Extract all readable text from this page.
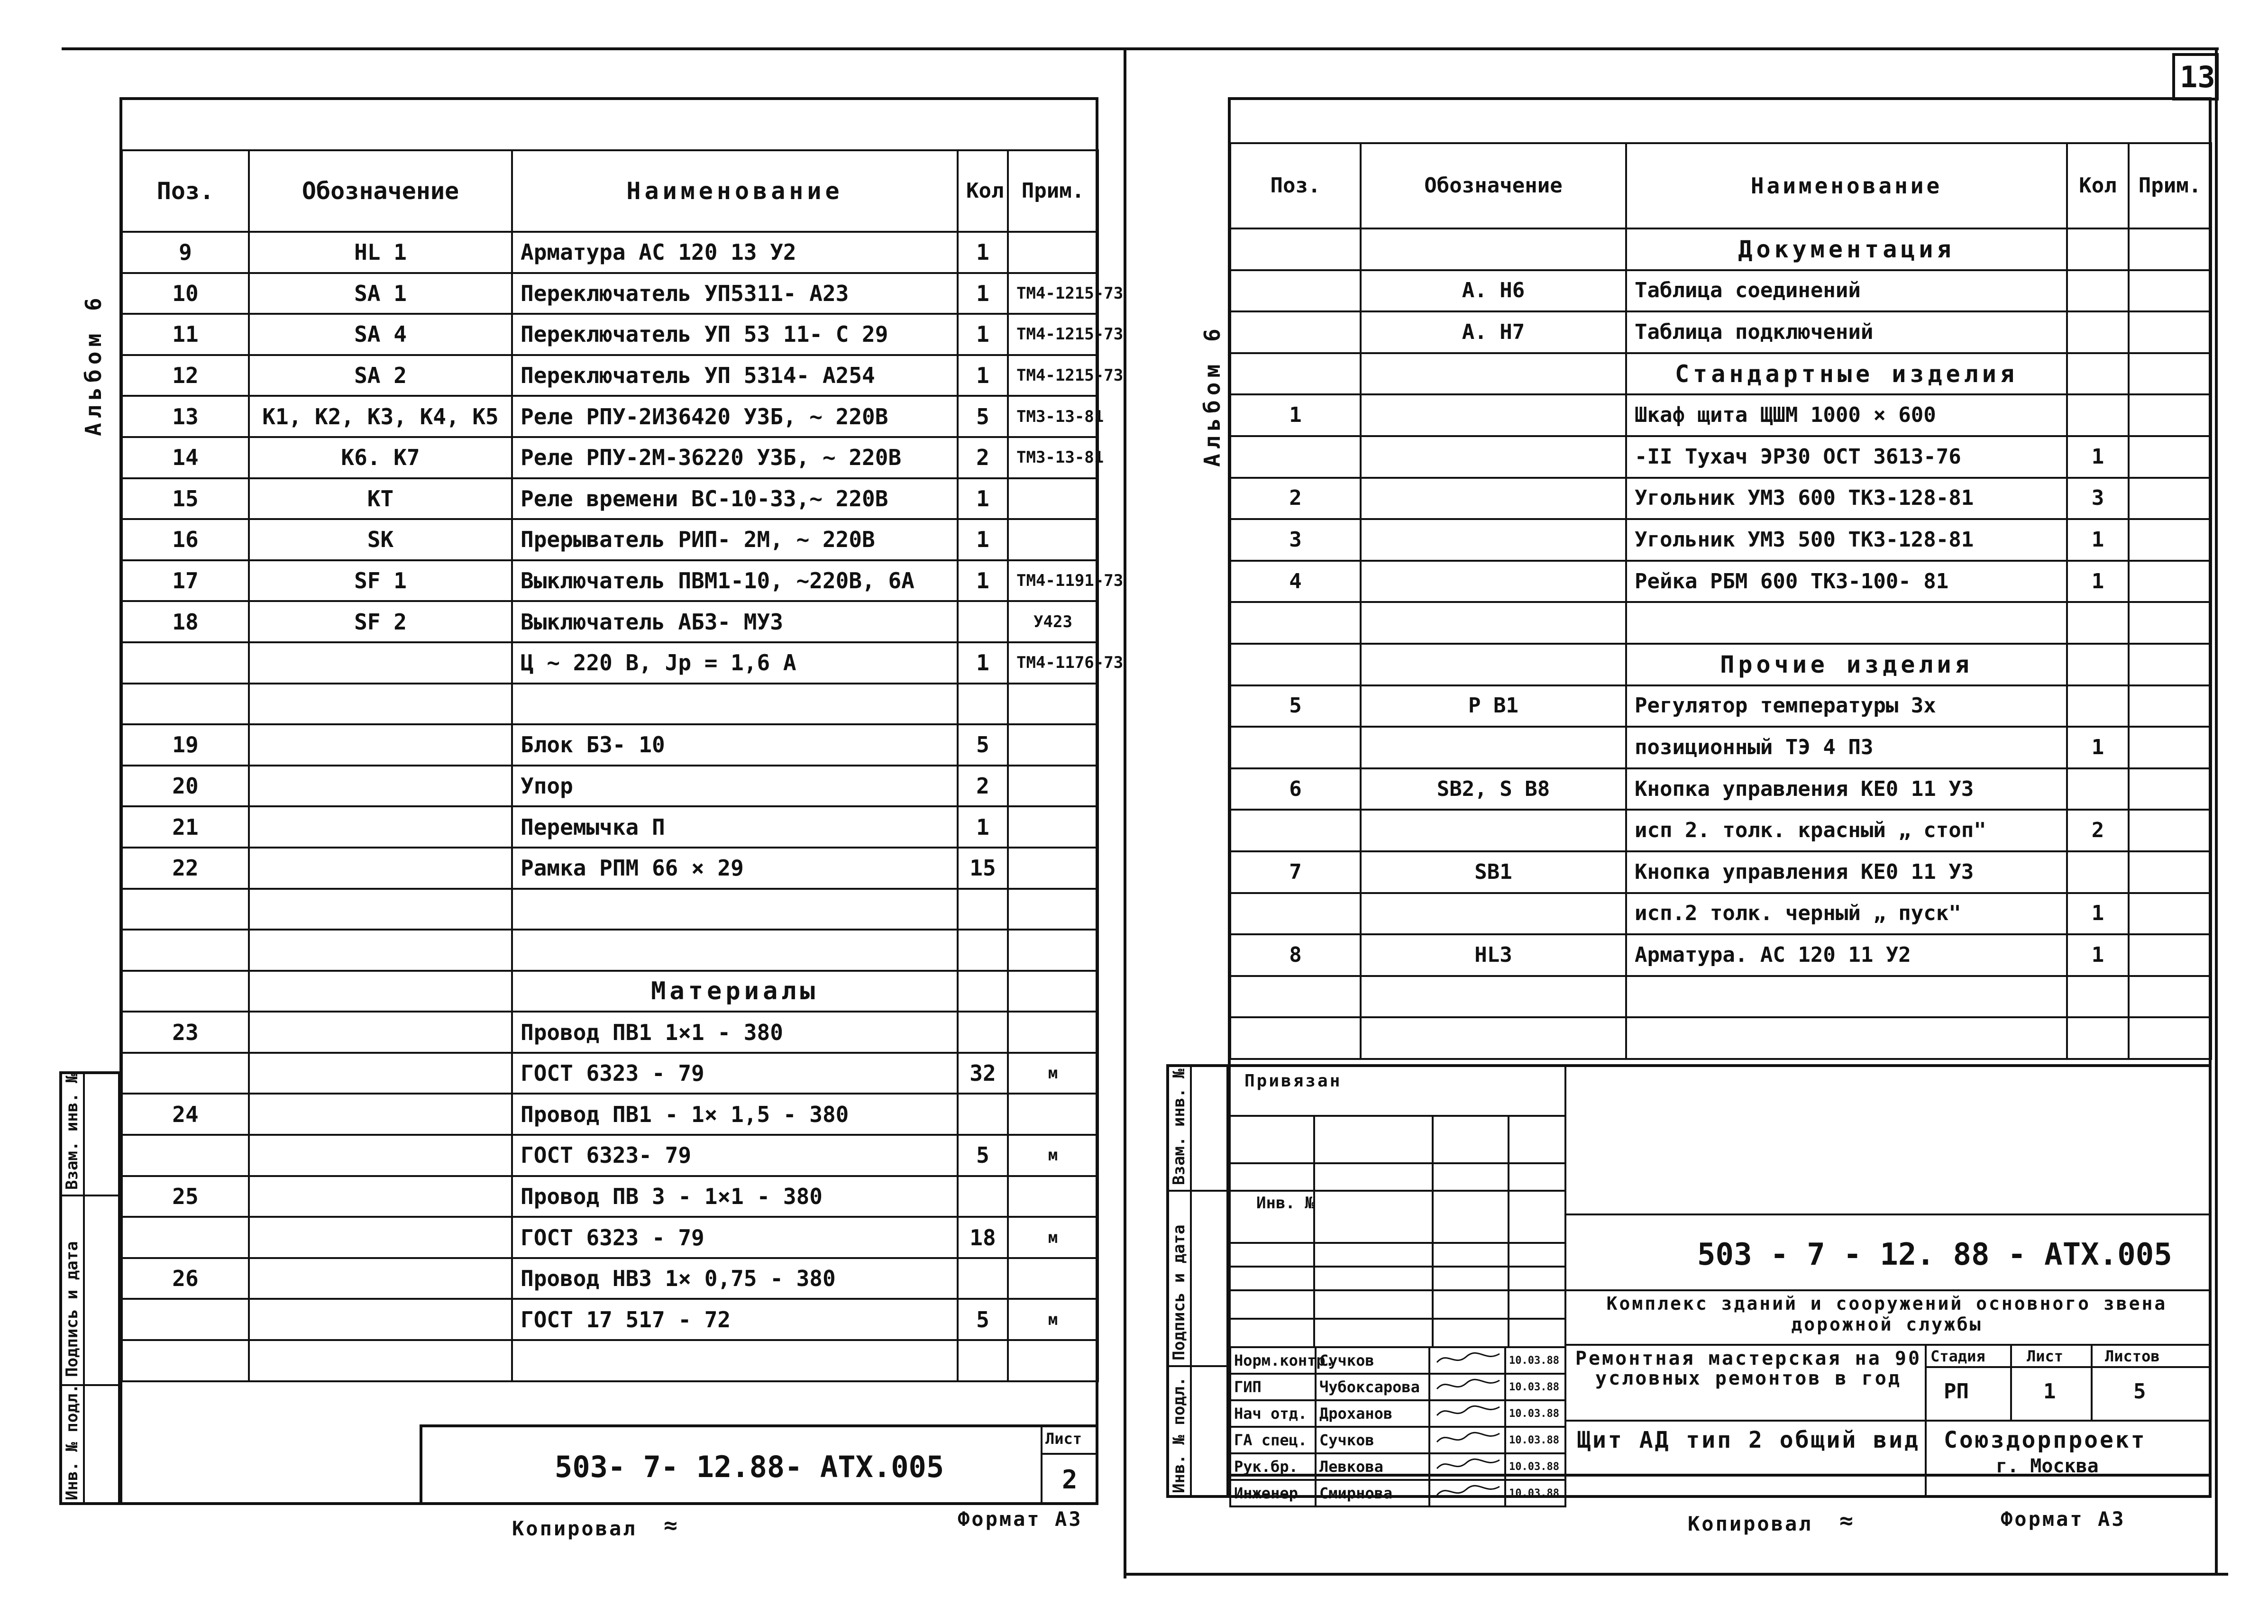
13
Альбом 6
Поз.	Обозначение	Наименование	Кол	Прим.
9	HL 1	Арматура АС 120 13 У2	1	
10	SA 1	Переключатель УП5311- А23	1	ТМ4-1215-73
11	SA 4	Переключатель УП 53 11- С 29	1	ТМ4-1215-73
12	SA 2	Переключатель УП 5314- А254	1	ТМ4-1215-73
13	К1, К2, К3, К4, К5	Реле РПУ-2И36420 У3Б, ~ 220В	5	ТМ3-13-81
14	К6. К7	Реле РПУ-2М-36220 У3Б, ~ 220В	2	ТМ3-13-81
15	КТ	Реле времени ВС-10-33,~ 220В	1	
16	SК	Прерыватель РИП- 2М, ~ 220В	1	
17	SF 1	Выключатель ПВМ1-10, ~220В, 6А	1	ТМ4-1191-73
18	SF 2	Выключатель АБЗ- МУЗ		У423
		Ц ~ 220 В, Jр = 1,6 А	1	ТМ4-1176-73

19		Блок Б3- 10	5	
20		Упор	2	
21		Перемычка П	1	
22		Рамка РПМ 66 × 29	15	

		Материалы		
23		Провод ПВ1 1×1 - 380		
		ГОСТ 6323 - 79	32	м
24		Провод ПВ1 - 1× 1,5 - 380		
		ГОСТ 6323- 79	5	м
25		Провод ПВ 3 - 1×1 - 380		
		ГОСТ 6323 - 79	18	м
26		Провод НВ3 1× 0,75 - 380		
		ГОСТ 17 517 - 72	5	м

Инв. № подл.
Подпись и дата
Взам. инв. №
503- 7- 12.88- АТХ.005
Лист
2
Копировал ≈	Формат А3
Альбом 6
Поз.	Обозначение	Наименование	Кол	Прим.
		Документация		
	А. Н6	Таблица соединений		
	А. Н7	Таблица подключений		
		Стандартные изделия		
1		Шкаф щита ЩШМ 1000 × 600		
		-II Тухач ЭР30 ОСТ 3613-76	1	
2		Угольник УМЗ 600 ТКЗ-128-81	3	
3		Угольник УМЗ 500 ТКЗ-128-81	1	
4		Рейка РБМ 600 ТКЗ-100- 81	1	

		Прочие изделия		
5	Р В1	Регулятор температуры 3х		
		позиционный ТЭ 4 П3	1	
6	SВ2, S В8	Кнопка управления КЕ0 11 У3		
		исп 2. толк. красный „ стоп"	2	
7	SВ1	Кнопка управления КЕ0 11 У3		
		исп.2 толк. черный „ пуск"	1	
8	HL3	Арматура. АС 120 11 У2	1	

Инв. № подл.
Подпись и дата
Взам. инв. №	Привязан
Инв. №
Норм.контр.	Сучков		10.03.88
ГИП	Чубоксарова		10.03.88
Нач отд.	Дроханов		10.03.88
ГА спец.	Сучков		10.03.88
Рук.бр.	Левкова		10.03.88
Инженер	Смирнова		10.03.88
503 - 7 - 12. 88 - АТХ.005
Комплекс зданий и сооружений основного звена дорожной службы
Ремонтная мастерская на 90 условных ремонтов в год
Щит АД тип 2 общий вид
Стадия	Лист	Листов
РП	1	5
Союздорпроект
г. Москва
Копировал ≈	Формат А3
